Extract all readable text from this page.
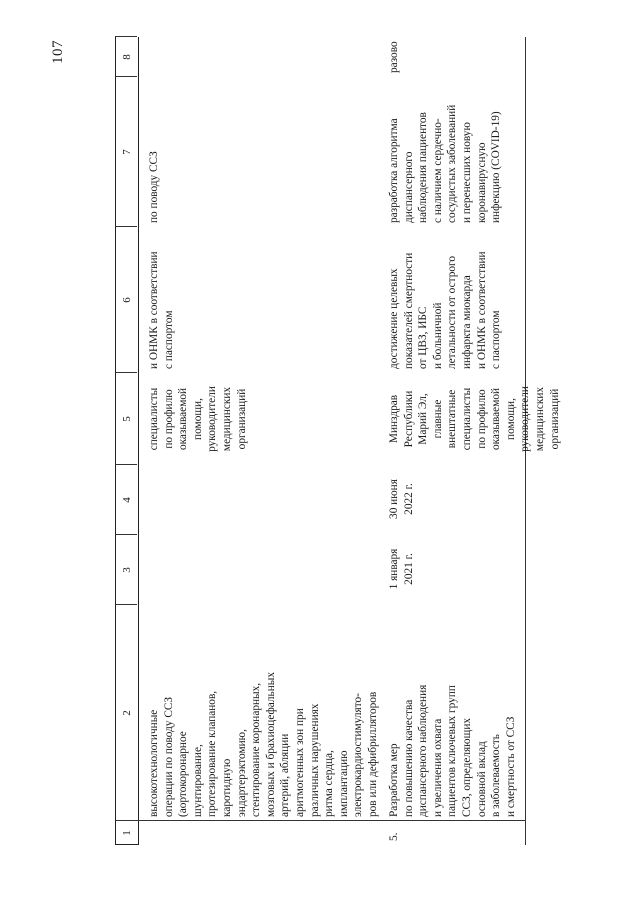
107
1
2
3
4
5
6
7
8
высокотехнологичные
операции по поводу ССЗ
(аортокоронарное
шунтирование,
протезирование клапанов,
каротидную
эндартерэктомию,
стентирование коронарных,
мозговых и брахиоцефальных
артерий, абляции
аритмогенных зон при
различных нарушениях
ритма сердца,
имплантацию
электрокардиостимулято-
ров или дефибрилляторов
специалисты
по профилю
оказываемой
помощи,
руководители
медицинских
организаций
и ОНМК в соответствии
с паспортом
по поводу ССЗ
5.
Разработка мер
по повышению качества
диспансерного наблюдения
и увеличения охвата
пациентов ключевых групп
ССЗ, определяющих
основной вклад
в заболеваемость
и смертность от ССЗ
1 января
2021 г.
30 июня
2022 г.
Минздрав
Республики
Марий Эл,
главные
внештатные
специалисты
по профилю
оказываемой
помощи,
руководители
медицинских
организаций
достижение целевых
показателей смертности
от ЦВЗ, ИБС
и больничной
летальности от острого
инфаркта миокарда
и ОНМК в соответствии
с паспортом
разработка алгоритма
диспансерного
наблюдения пациентов
с наличием сердечно-
сосудистых заболеваний
и перенесших новую
коронавирусную
инфекцию (COVID-19)
разово
